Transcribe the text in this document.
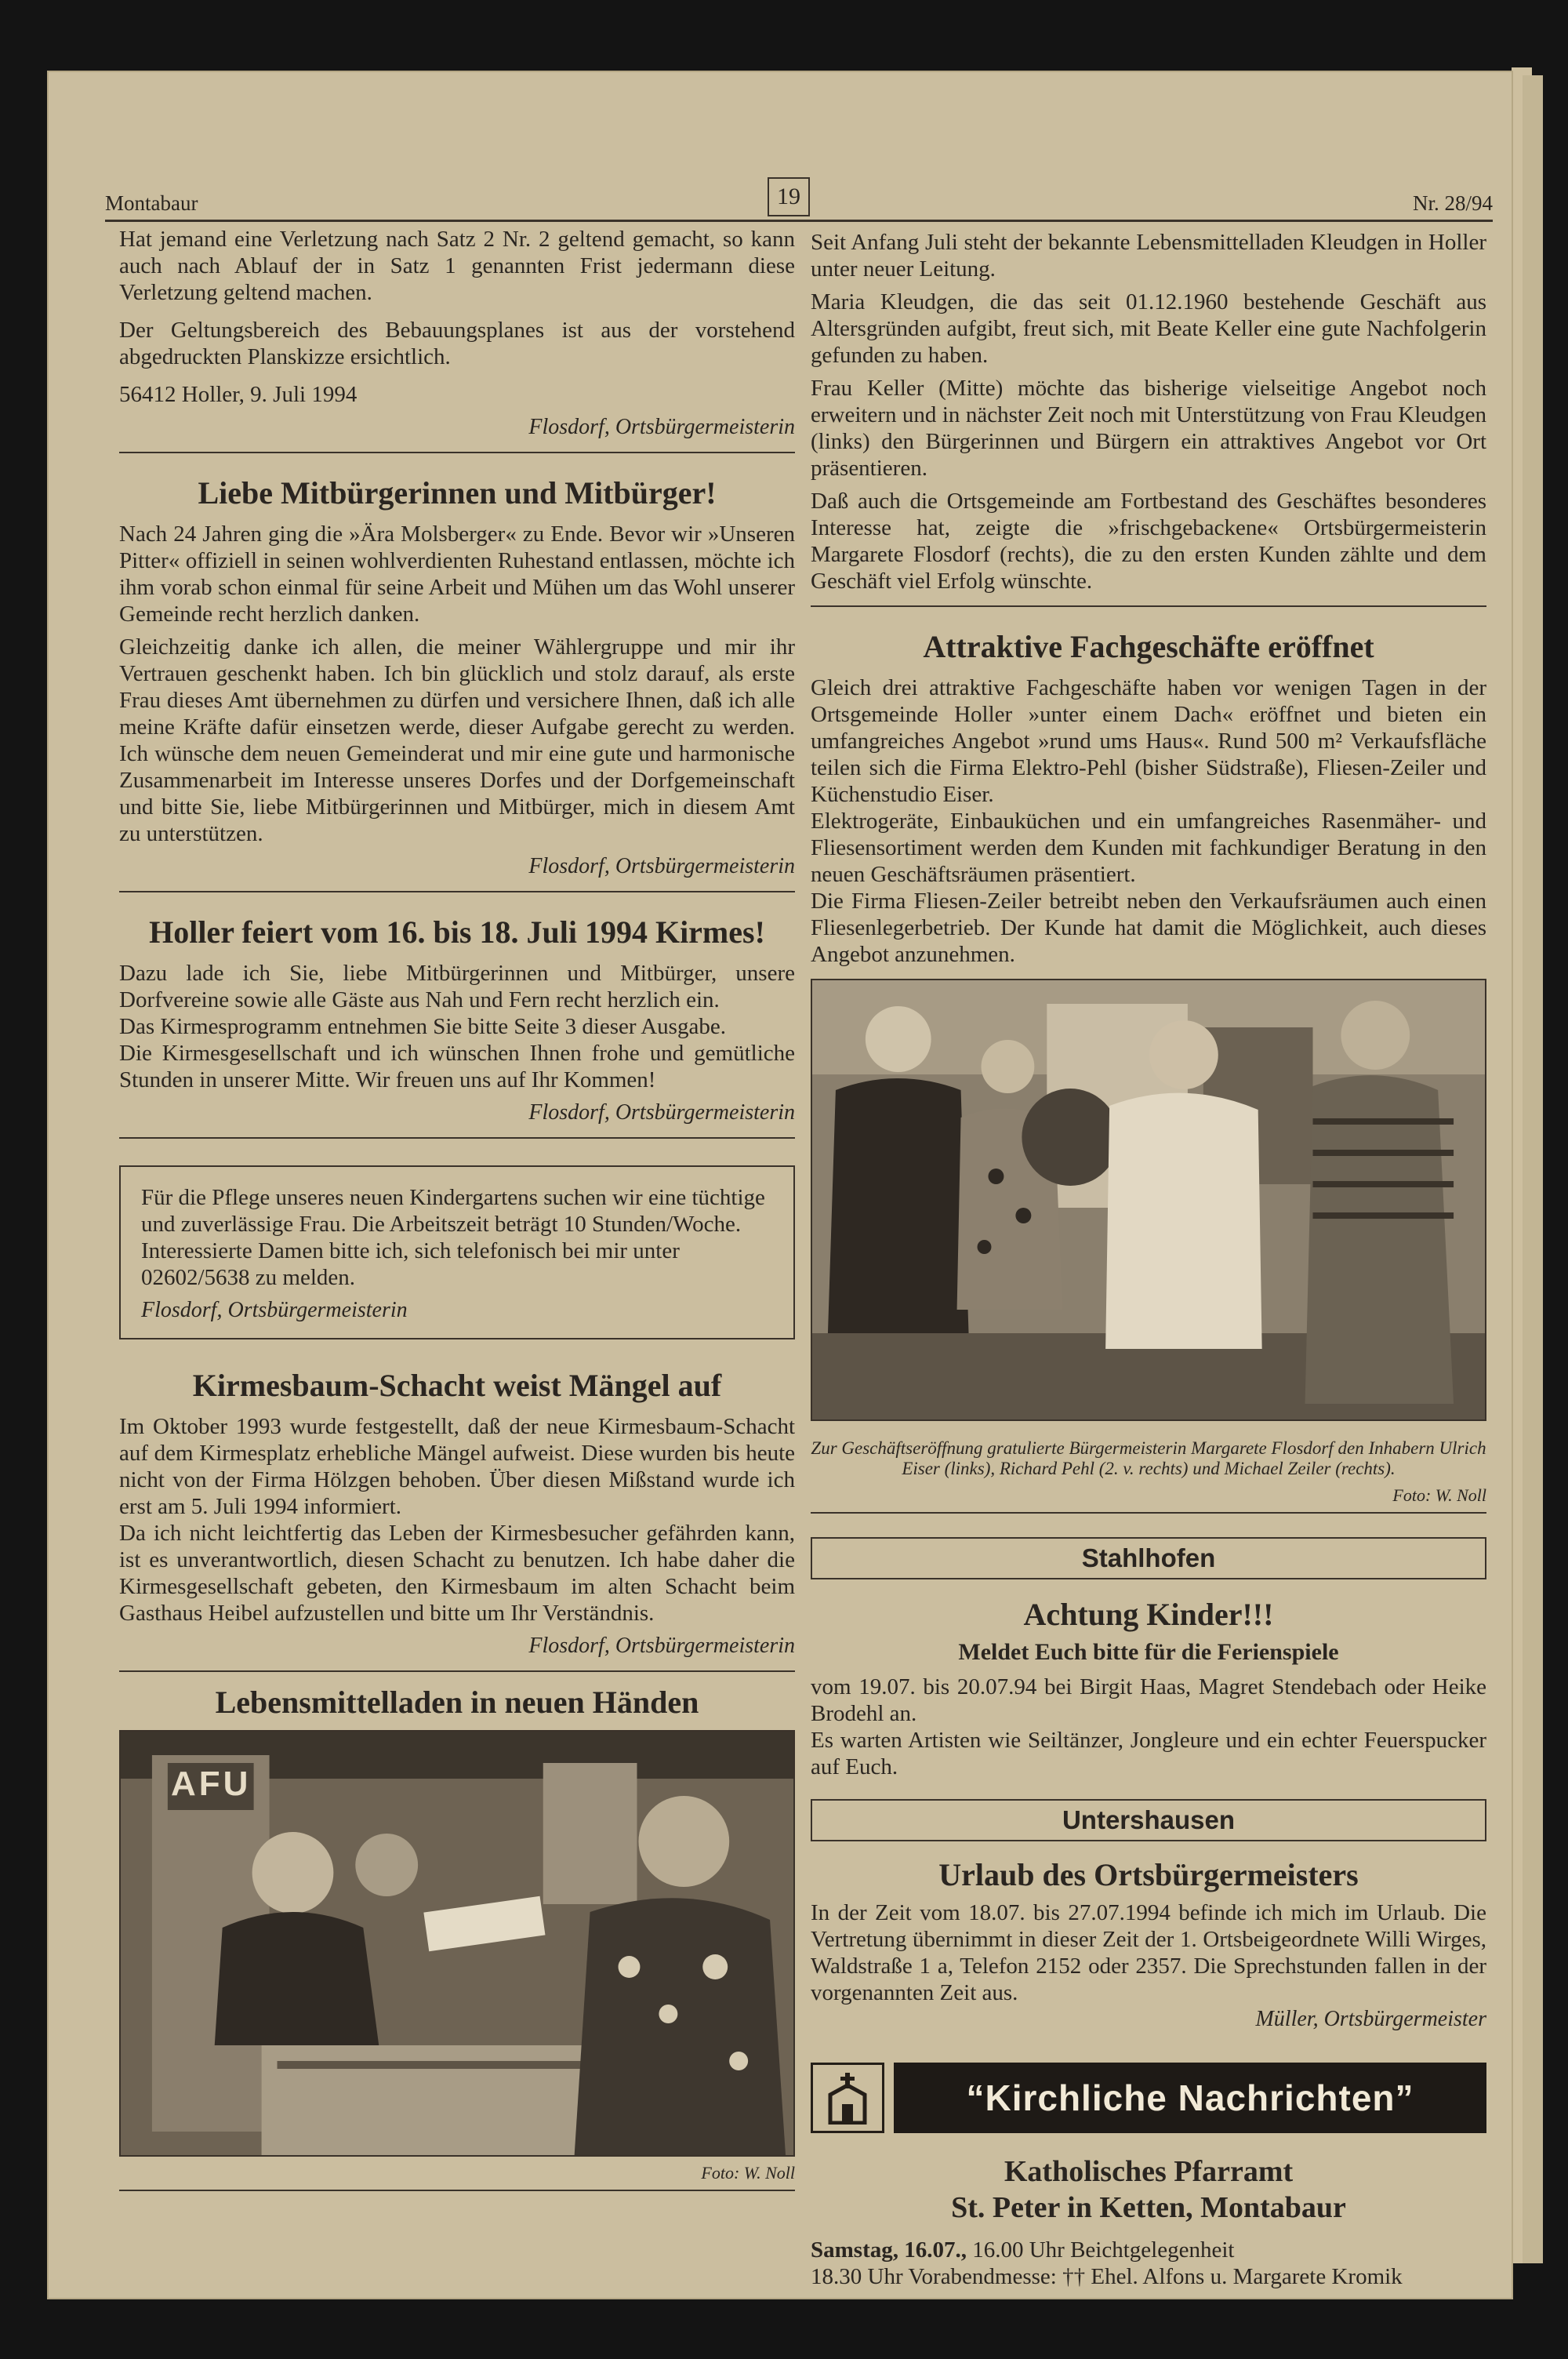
Montabaur	19	Nr. 28/94

Hat jemand eine Verletzung nach Satz 2 Nr. 2 geltend gemacht, so kann auch nach Ablauf der in Satz 1 genannten Frist jedermann diese Verletzung geltend machen.

Der Geltungsbereich des Bebauungsplanes ist aus der vorstehend abgedruckten Planskizze ersichtlich.

56412 Holler, 9. Juli 1994

Flosdorf, Ortsbürgermeisterin

Liebe Mitbürgerinnen und Mitbürger!

Nach 24 Jahren ging die »Ära Molsberger« zu Ende. Bevor wir »Unseren Pitter« offiziell in seinen wohlverdienten Ruhestand entlassen, möchte ich ihm vorab schon einmal für seine Arbeit und Mühen um das Wohl unserer Gemeinde recht herzlich danken.

Gleichzeitig danke ich allen, die meiner Wählergruppe und mir ihr Vertrauen geschenkt haben. Ich bin glücklich und stolz darauf, als erste Frau dieses Amt übernehmen zu dürfen und versichere Ihnen, daß ich alle meine Kräfte dafür einsetzen werde, dieser Aufgabe gerecht zu werden. Ich wünsche dem neuen Gemeinderat und mir eine gute und harmonische Zusammenarbeit im Interesse unseres Dorfes und der Dorfgemeinschaft und bitte Sie, liebe Mitbürgerinnen und Mitbürger, mich in diesem Amt zu unterstützen.

Flosdorf, Ortsbürgermeisterin

Holler feiert vom 16. bis 18. Juli 1994 Kirmes!

Dazu lade ich Sie, liebe Mitbürgerinnen und Mitbürger, unsere Dorfvereine sowie alle Gäste aus Nah und Fern recht herzlich ein.

Das Kirmesprogramm entnehmen Sie bitte Seite 3 dieser Ausgabe.

Die Kirmesgesellschaft und ich wünschen Ihnen frohe und gemütliche Stunden in unserer Mitte. Wir freuen uns auf Ihr Kommen!

Flosdorf, Ortsbürgermeisterin

Für die Pflege unseres neuen Kindergartens suchen wir eine tüchtige und zuverlässige Frau. Die Arbeitszeit beträgt 10 Stunden/Woche. Interessierte Damen bitte ich, sich telefonisch bei mir unter 02602/5638 zu melden.

Flosdorf, Ortsbürgermeisterin

Kirmesbaum-Schacht weist Mängel auf

Im Oktober 1993 wurde festgestellt, daß der neue Kirmesbaum-Schacht auf dem Kirmesplatz erhebliche Mängel aufweist. Diese wurden bis heute nicht von der Firma Hölzgen behoben. Über diesen Mißstand wurde ich erst am 5. Juli 1994 informiert.

Da ich nicht leichtfertig das Leben der Kirmesbesucher gefährden kann, ist es unverantwortlich, diesen Schacht zu benutzen. Ich habe daher die Kirmesgesellschaft gebeten, den Kirmesbaum im alten Schacht beim Gasthaus Heibel aufzustellen und bitte um Ihr Verständnis.

Flosdorf, Ortsbürgermeisterin

Lebensmittelladen in neuen Händen
AFU

Foto: W. Noll

Seit Anfang Juli steht der bekannte Lebensmittelladen Kleudgen in Holler unter neuer Leitung.

Maria Kleudgen, die das seit 01.12.1960 bestehende Geschäft aus Altersgründen aufgibt, freut sich, mit Beate Keller eine gute Nachfolgerin gefunden zu haben.

Frau Keller (Mitte) möchte das bisherige vielseitige Angebot noch erweitern und in nächster Zeit noch mit Unterstützung von Frau Kleudgen (links) den Bürgerinnen und Bürgern ein attraktives Angebot vor Ort präsentieren.

Daß auch die Ortsgemeinde am Fortbestand des Geschäftes besonderes Interesse hat, zeigte die »frischgebackene« Ortsbürgermeisterin Margarete Flosdorf (rechts), die zu den ersten Kunden zählte und dem Geschäft viel Erfolg wünschte.

Attraktive Fachgeschäfte eröffnet

Gleich drei attraktive Fachgeschäfte haben vor wenigen Tagen in der Ortsgemeinde Holler »unter einem Dach« eröffnet und bieten ein umfangreiches Angebot »rund ums Haus«. Rund 500 m² Verkaufsfläche teilen sich die Firma Elektro-Pehl (bisher Südstraße), Fliesen-Zeiler und Küchenstudio Eiser.

Elektrogeräte, Einbauküchen und ein umfangreiches Rasenmäher- und Fliesensortiment werden dem Kunden mit fachkundiger Beratung in den neuen Geschäftsräumen präsentiert.

Die Firma Fliesen-Zeiler betreibt neben den Verkaufsräumen auch einen Fliesenlegerbetrieb. Der Kunde hat damit die Möglichkeit, auch dieses Angebot anzunehmen.

Zur Geschäftseröffnung gratulierte Bürgermeisterin Margarete Flosdorf den Inhabern Ulrich Eiser (links), Richard Pehl (2. v. rechts) und Michael Zeiler (rechts).

Foto: W. Noll

Stahlhofen
Achtung Kinder!!!
Meldet Euch bitte für die Ferienspiele

vom 19.07. bis 20.07.94 bei Birgit Haas, Magret Stendebach oder Heike Brodehl an.

Es warten Artisten wie Seiltänzer, Jongleure und ein echter Feuerspucker auf Euch.

Untershausen
Urlaub des Ortsbürgermeisters

In der Zeit vom 18.07. bis 27.07.1994 befinde ich mich im Urlaub. Die Vertretung übernimmt in dieser Zeit der 1. Ortsbeigeordnete Willi Wirges, Waldstraße 1 a, Telefon 2152 oder 2357. Die Sprechstunden fallen in der vorgenannten Zeit aus.

Müller, Ortsbürgermeister

“Kirchliche Nachrichten”

Katholisches Pfarramt

St. Peter in Ketten, Montabaur

Samstag, 16.07., 16.00 Uhr Beichtgelegenheit

18.30 Uhr Vorabendmesse: †† Ehel. Alfons u. Margarete Kromik
